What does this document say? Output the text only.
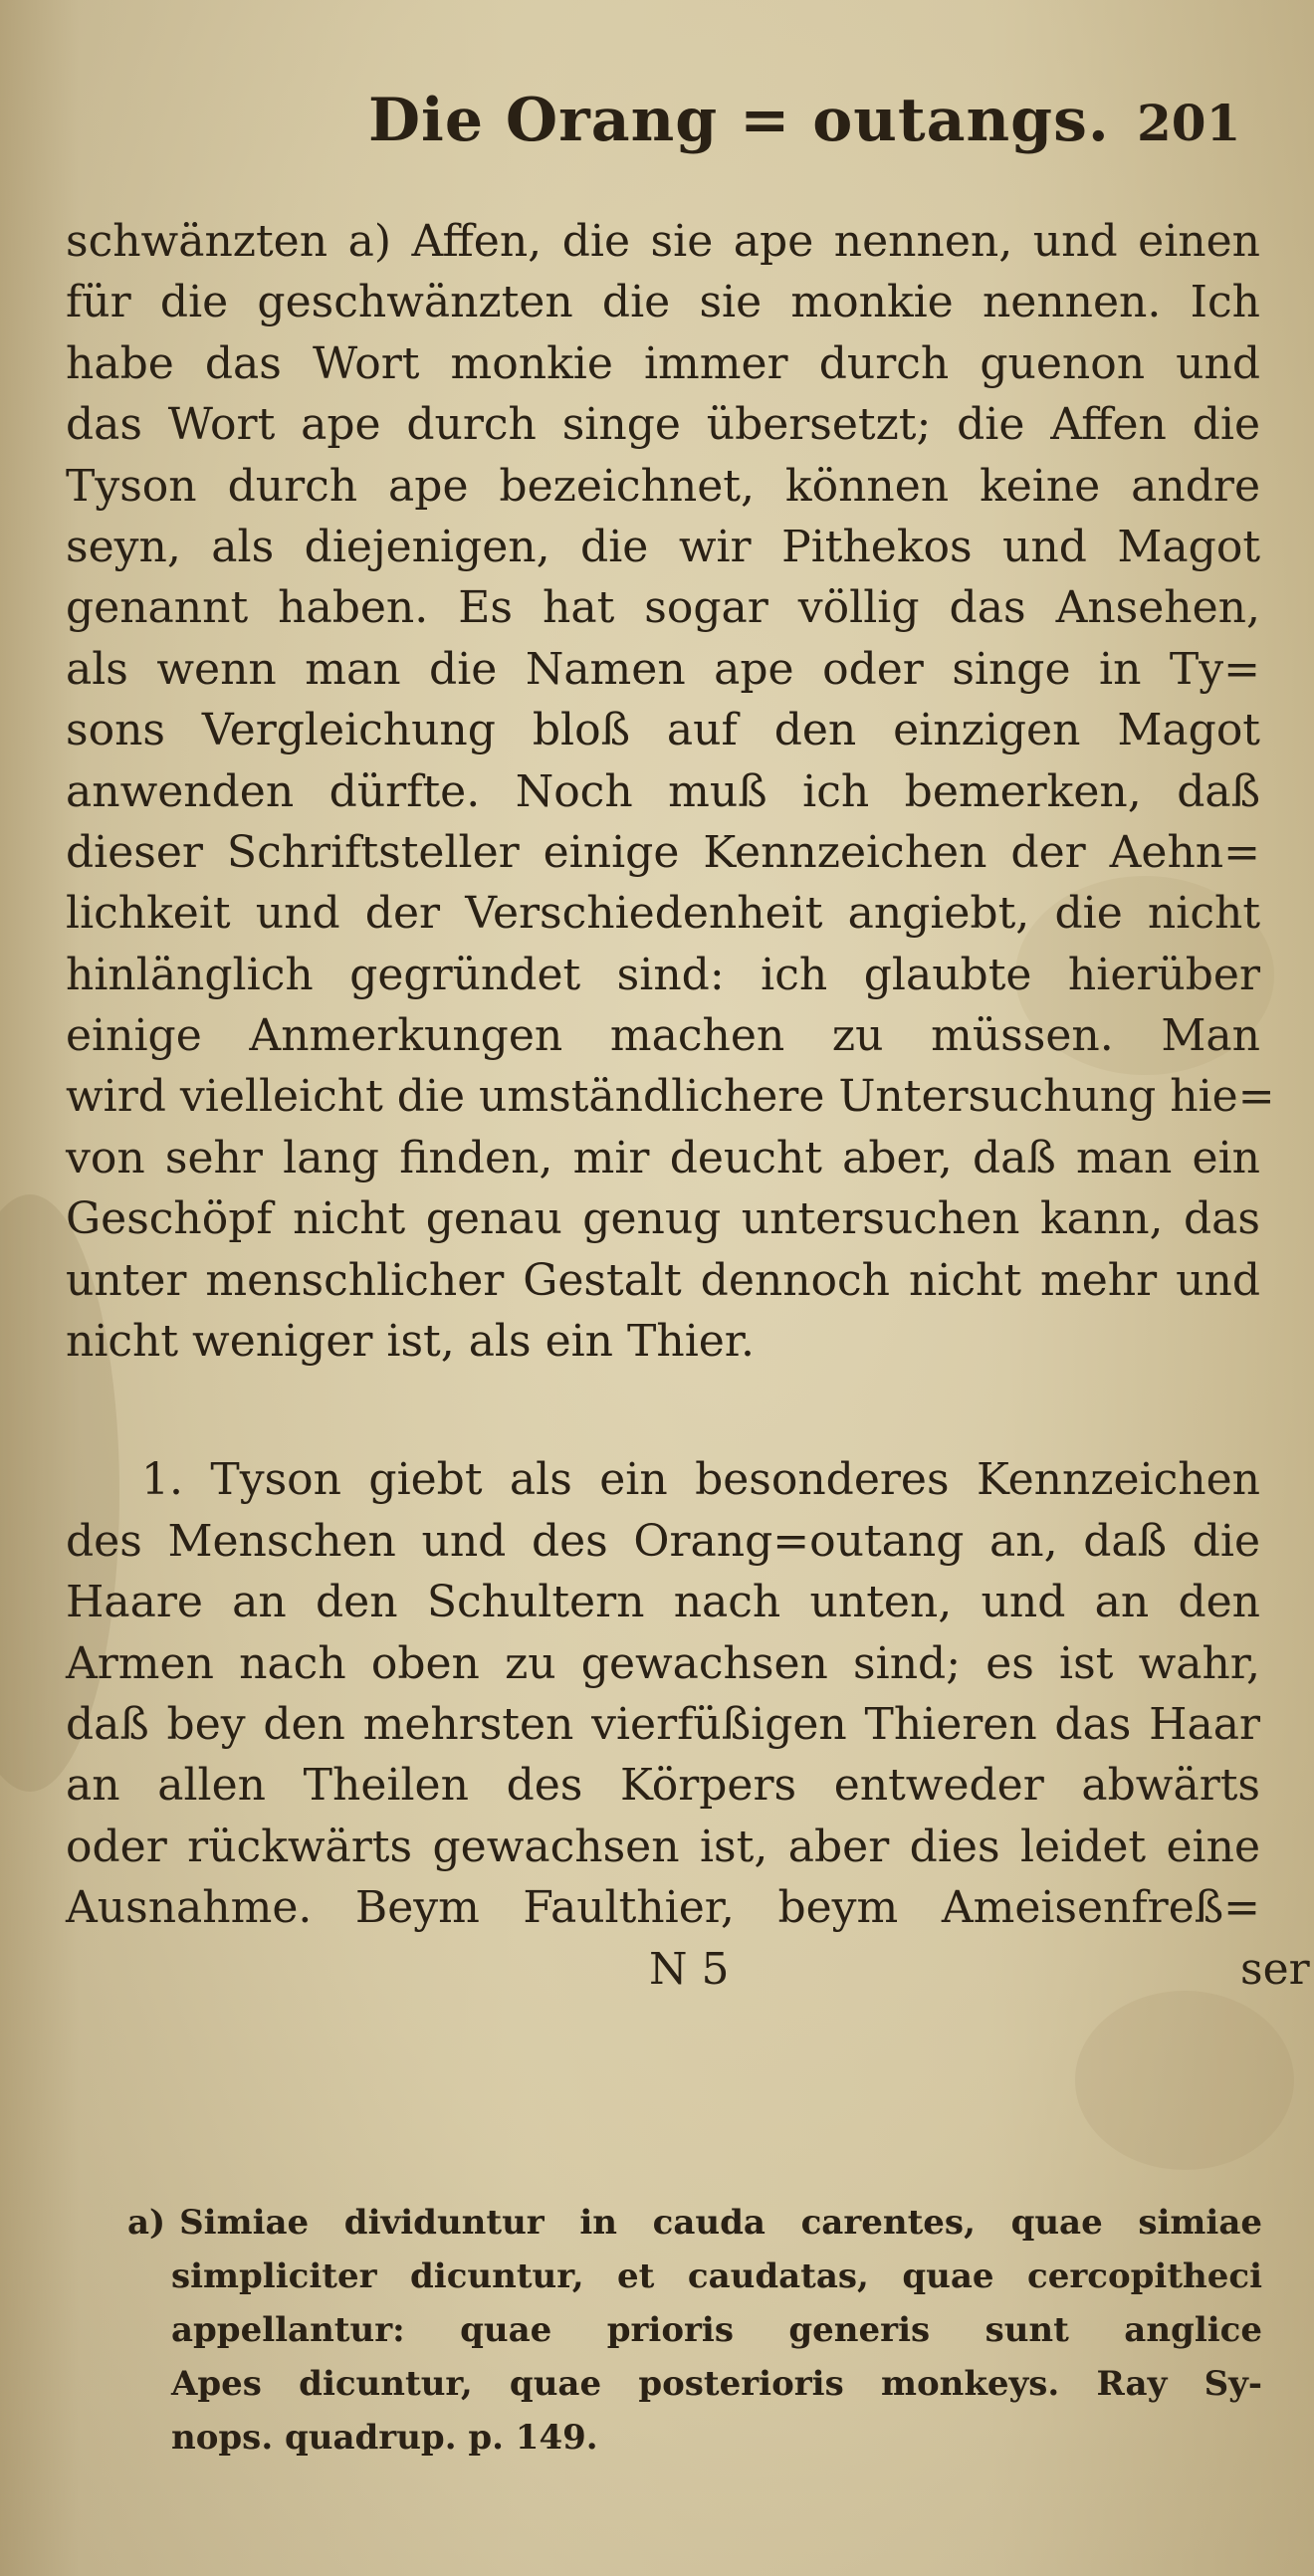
Die Orang = outangs. 201
schwänzten a) Affen, die sie ape nennen, und einen
für die geschwänzten die sie monkie nennen. Ich
habe das Wort monkie immer durch guenon und
das Wort ape durch singe übersetzt; die Affen die
Tyson durch ape bezeichnet, können keine andre
seyn, als diejenigen, die wir Pithekos und Magot
genannt haben. Es hat sogar völlig das Ansehen,
als wenn man die Namen ape oder singe in Ty=
sons Vergleichung bloß auf den einzigen Magot
anwenden dürfte. Noch muß ich bemerken, daß
dieser Schriftsteller einige Kennzeichen der Aehn=
lichkeit und der Verschiedenheit angiebt, die nicht
hinlänglich gegründet sind: ich glaubte hierüber
einige Anmerkungen machen zu müssen. Man
wird vielleicht die umständlichere Untersuchung hie=
von sehr lang finden, mir deucht aber, daß man ein
Geschöpf nicht genau genug untersuchen kann, das
unter menschlicher Gestalt dennoch nicht mehr und
nicht weniger ist, als ein Thier.
1. Tyson giebt als ein besonderes Kennzeichen
des Menschen und des Orang=outang an, daß die
Haare an den Schultern nach unten, und an den
Armen nach oben zu gewachsen sind; es ist wahr,
daß bey den mehrsten vierfüßigen Thieren das Haar
an allen Theilen des Körpers entweder abwärts
oder rückwärts gewachsen ist, aber dies leidet eine
Ausnahme. Beym Faulthier, beym Ameisenfreß=
N 5	ser
a) Simiae dividuntur in cauda carentes, quae simiae
simpliciter dicuntur, et caudatas, quae cercopitheci
appellantur: quae prioris generis sunt anglice
Apes dicuntur, quae posterioris monkeys. Ray Sy-
nops. quadrup. p. 149.
